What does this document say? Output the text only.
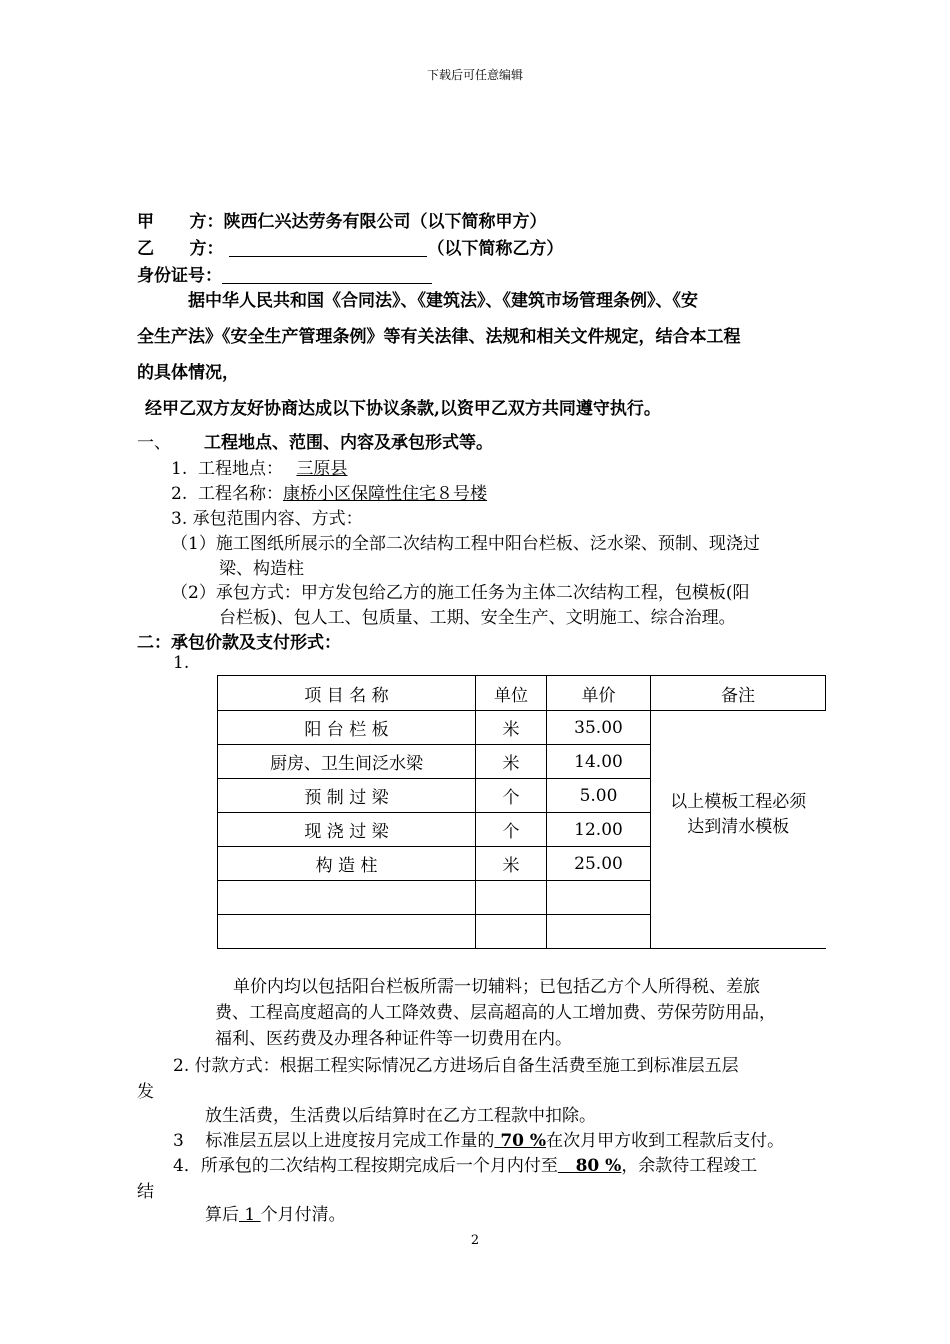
下载后可任意编辑
甲      方：陕西仁兴达劳务有限公司（以下简称甲方）
乙      方：	（以下简称乙方）
身份证号：
据中华人民共和国《合同法》、《建筑法》、《建筑市场管理条例》、《安
全生产法》《安全生产管理条例》等有关法律、法规和相关文件规定，结合本工程
的具体情况，
经甲乙双方友好协商达成以下协议条款,以资甲乙双方共同遵守执行。
一、 工程地点、范围、内容及承包形式等。
1.  工程地点： 三原县
2.  工程名称：康桥小区保障性住宅８号楼
3. 承包范围内容、方式：
（1）施工图纸所展示的全部二次结构工程中阳台栏板、泛水梁、预制、现浇过
梁、构造柱
（2）承包方式：甲方发包给乙方的施工任务为主体二次结构工程，包模板(阳
台栏板)、包人工、包质量、工期、安全生产、文明施工、综合治理。
二：承包价款及支付形式：
1.
项 目 名 称	单位	单价	备注
阳 台 栏 板	米	35.00	以上模板工程必须
达到清水模板

厨房、卫生间泛水梁	米	14.00	
预 制 过 梁	个	5.00	
现 浇 过 梁	个	12.00	
构 造 柱	米	25.00	

单价内均以包括阳台栏板所需一切辅料；已包括乙方个人所得税、差旅
费、工程高度超高的人工降效费、层高超高的人工增加费、劳保劳防用品，
福利、医药费及办理各种证件等一切费用在内。
2. 付款方式：根据工程实际情况乙方进场后自备生活费至施工到标准层五层
发
放生活费，生活费以后结算时在乙方工程款中扣除。
3    标准层五层以上进度按月完成工作量的 70 %在次月甲方收到工程款后支付。
4．所承包的二次结构工程按期完成后一个月内付至   80 %，余款待工程竣工
结
算后 1 个月付清。
2
